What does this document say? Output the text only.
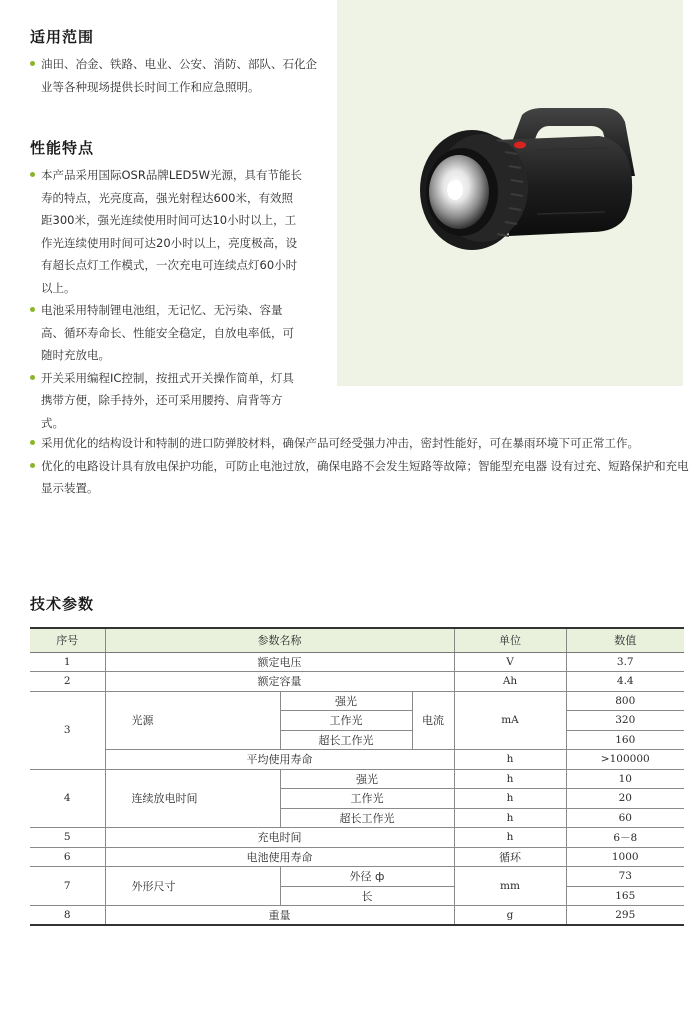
适用范围
油田、冶金、铁路、电业、公安、消防、部队、石化企业等各种现场提供长时间工作和应急照明。
性能特点
本产品采用国际OSR品牌LED5W光源，具有节能长寿的特点，光亮度高，强光射程达600米，有效照距300米，强光连续使用时间可达10小时以上，工作光连续使用时间可达20小时以上，亮度极高，设有超长点灯工作模式，一次充电可连续点灯60小时以上。
电池采用特制锂电池组，无记忆、无污染、容量高、循环寿命长、性能安全稳定，自放电率低，可随时充放电。
开关采用编程IC控制，按扭式开关操作简单，灯具携带方便，除手持外，还可采用腰挎、肩背等方式。
采用优化的结构设计和特制的进口防弹胶材料，确保产品可经受强力冲击，密封性能好，可在暴雨环境下可正常工作。
优化的电路设计具有放电保护功能，可防止电池过放，确保电路不会发生短路等故障；智能型充电器 设有过充、短路保护和充电显示装置。
技术参数
序号	参数名称			单位	数值
1	额定电压			V	3.7
2	额定容量			Ah	4.4
3	光源	强光	电流	mA	800
		工作光			320
		超长工作光			160
	平均使用寿命			h	>100000
4	连续放电时间	强光		h	10
		工作光		h	20
		超长工作光		h	60
5	充电时间			h	6－8
6	电池使用寿命			循环	1000
7	外形尺寸	外径 ф		mm	73
		长			165
8	重量			g	295
